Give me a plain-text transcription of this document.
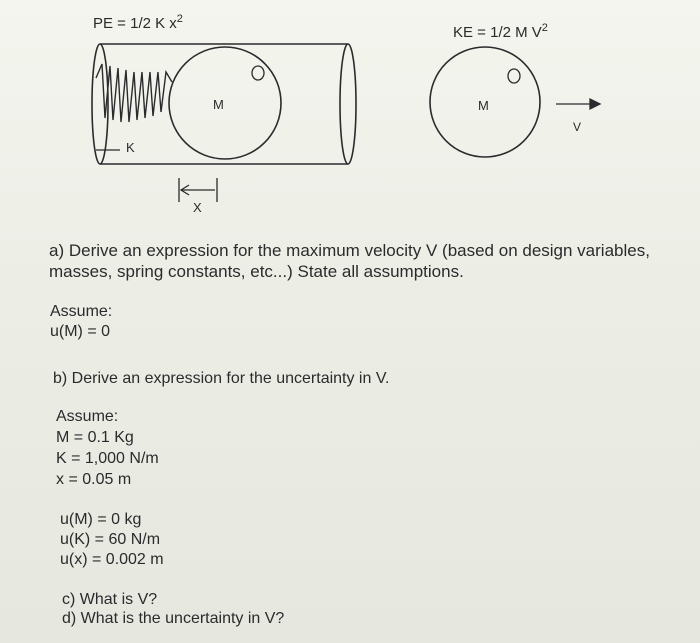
PE = 1/2 K $x^2$
KE = 1/2 M $V^2$
K
M
X
M
V
a) Derive an expression for the maximum velocity V (based on design variables,
masses, spring constants, etc...) State all assumptions.
Assume:
u(M) = 0
b) Derive an expression for the uncertainty in V.
Assume:
M = 0.1 Kg
K = 1,000 N/m
x = 0.05 m
u(M) = 0 kg
u(K) = 60 N/m
u(x) = 0.002 m
c) What is V?
d) What is the uncertainty in V?
